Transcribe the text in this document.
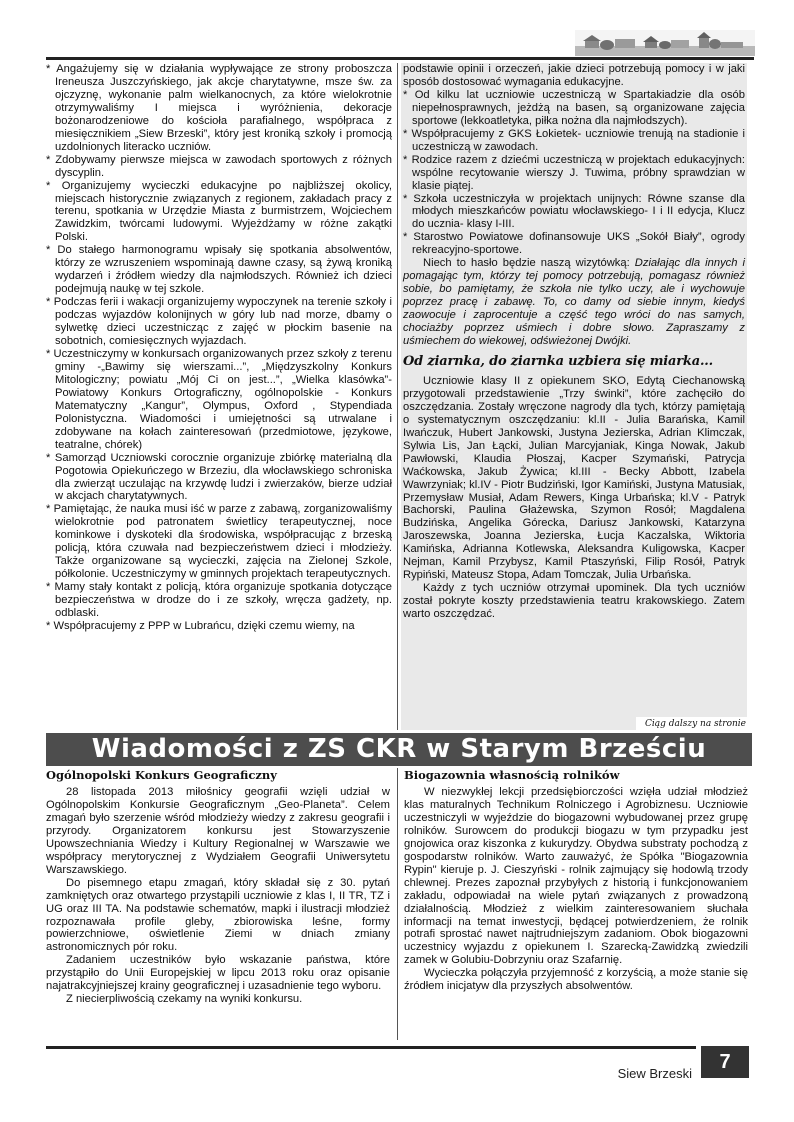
* Angażujemy się w działania wypływające ze strony proboszcza Ireneusza Juszczyńskiego, jak akcje charytatywne, msze św. za ojczyznę, wykonanie palm wielkanocnych, za które wielokrotnie otrzymywaliśmy I miejsca i wyróżnienia, dekoracje bożonarodzeniowe do kościoła parafialnego, współpraca z miesięcznikiem „Siew Brzeski”, który jest kroniką szkoły i promocją uzdolnionych literacko uczniów.

* Zdobywamy pierwsze miejsca w zawodach sportowych z różnych dyscyplin.

* Organizujemy wycieczki edukacyjne po najbliższej okolicy, miejscach historycznie związanych z regionem, zakładach pracy z terenu, spotkania w Urzędzie Miasta z burmistrzem, Wojciechem Zawidzkim, twórcami ludowymi. Wyjeżdżamy w różne zakątki Polski.

* Do stałego harmonogramu wpisały się spotkania absolwentów, którzy ze wzruszeniem wspominają dawne czasy, są żywą kroniką wydarzeń i źródłem wiedzy dla najmłodszych. Również ich dzieci podejmują naukę w tej szkole.

* Podczas ferii i wakacji organizujemy wypoczynek na terenie szkoły i podczas wyjazdów kolonijnych w góry lub nad morze, dbamy o sylwetkę dzieci uczestnicząc z zajęć w płockim basenie na sobotnich, comiesięcznych wyjazdach.

* Uczestniczymy w konkursach organizowanych przez szkoły z terenu gminy -„Bawimy się wierszami...”, „Międzyszkolny Konkurs Mitologiczny; powiatu „Mój Ci on jest...”, „Wielka klasówka”- Powiatowy Konkurs Ortograficzny, ogólnopolskie - Konkurs Matematyczny „Kangur”, Olympus, Oxford , Stypendiada Polonistyczna. Wiadomości i umiejętności są utrwalane i zdobywane na kołach zainteresowań (przedmiotowe, językowe, teatralne, chórek)

* Samorząd Uczniowski corocznie organizuje zbiórkę materialną dla Pogotowia Opiekuńczego w Brzeziu, dla włocławskiego schroniska dla zwierząt uczulając na krzywdę ludzi i zwierzaków, bierze udział w akcjach charytatywnych.

* Pamiętając, że nauka musi iść w parze z zabawą, zorganizowaliśmy wielokrotnie pod patronatem świetlicy terapeutycznej, noce kominkowe i dyskoteki dla środowiska, współpracując z brzeską policją, która czuwała nad bezpieczeństwem dzieci i młodzieży. Także organizowane są wycieczki, zajęcia na Zielonej Szkole, półkolonie. Uczestniczymy w gminnych projektach terapeutycznych.

* Mamy stały kontakt z policją, która organizuje spotkania dotyczące bezpieczeństwa w drodze do i ze szkoły, wręcza gadżety, np. odblaski.

* Współpracujemy z PPP w Lubrańcu, dzięki czemu wiemy, na

podstawie opinii i orzeczeń, jakie dzieci potrzebują pomocy i w jaki sposób dostosować wymagania edukacyjne.

* Od kilku lat uczniowie uczestniczą w Spartakiadzie dla osób niepełnosprawnych, jeżdżą na basen, są organizowane zajęcia sportowe (lekkoatletyka, piłka nożna dla najmłodszych).

* Współpracujemy z GKS Łokietek- uczniowie trenują na stadionie i uczestniczą w zawodach.

* Rodzice razem z dziećmi uczestniczą w projektach edukacyjnych: wspólne recytowanie wierszy J. Tuwima, próbny sprawdzian w klasie piątej.

* Szkoła uczestniczyła w projektach unijnych: Równe szanse dla młodych mieszkańców powiatu włocławskiego- I i II edycja, Klucz do ucznia- klasy I-III.

* Starostwo Powiatowe dofinansowuje UKS „Sokół Biały”, ogrody rekreacyjno-sportowe.

Niech to hasło będzie naszą wizytówką: Działając dla innych i pomagając tym, którzy tej pomocy potrzebują, pomagasz również sobie, bo pamiętamy, że szkoła nie tylko uczy, ale i wychowuje poprzez pracę i zabawę. To, co damy od siebie innym, kiedyś zaowocuje i zaprocentuje a część tego wróci do nas samych, chociażby poprzez uśmiech i dobre słowo. Zapraszamy z uśmiechem do wiekowej, odświeżonej Dwójki.

Od ziarnka, do ziarnka uzbiera się miarka...

Uczniowie klasy II z opiekunem SKO, Edytą Ciechanowską przygotowali przedstawienie „Trzy świnki”, które zachęciło do oszczędzania. Zostały wręczone nagrody dla tych, którzy pamiętają o systematycznym oszczędzaniu: kl.II - Julia Barańska, Kamil Iwańczuk, Hubert Jankowski, Justyna Jezierska, Adrian Klimczak, Sylwia Lis, Jan Łącki, Julian Marcyjaniak, Kinga Nowak, Jakub Pawłowski, Klaudia Płoszaj, Kacper Szymański, Patrycja Waćkowska, Jakub Żywica; kl.III - Becky Abbott, Izabela Wawrzyniak; kl.IV - Piotr Budziński, Igor Kamiński, Justyna Matusiak, Przemysław Musiał, Adam Rewers, Kinga Urbańska; kl.V - Patryk Bachorski, Paulina Głażewska, Szymon Rosół; Magdalena Budzińska, Angelika Górecka, Dariusz Jankowski, Katarzyna Jaroszewska, Joanna Jezierska, Łucja Kaczalska, Wiktoria Kamińska, Adrianna Kotlewska, Aleksandra Kuligowska, Kacper Nejman, Kamil Przybysz, Kamil Ptaszyński, Filip Rosół, Patryk Rypiński, Mateusz Stopa, Adam Tomczak, Julia Urbańska.

Każdy z tych uczniów otrzymał upominek. Dla tych uczniów został pokryte koszty przedstawienia teatru krakowskiego. Zatem warto oszczędzać.

Ciąg dalszy na stronie
Wiadomości z ZS CKR w Starym Brześciu
Ogólnopolski Konkurs Geograficzny	Biogazownia własnością rolników

28 listopada 2013 miłośnicy geografii wzięli udział w Ogólnopolskim Konkursie Geograficznym „Geo-Planeta”. Celem zmagań było szerzenie wśród młodzieży wiedzy z zakresu geografii i przyrody. Organizatorem konkursu jest Stowarzyszenie Upowszechniania Wiedzy i Kultury Regionalnej w Warszawie we współpracy merytorycznej z Wydziałem Geografii Uniwersytetu Warszawskiego.

Do pisemnego etapu zmagań, który składał się z 30. pytań zamkniętych oraz otwartego przystąpili uczniowie z klas I, II TR, TZ i UG oraz III TA. Na podstawie schematów, mapki i ilustracji młodzież rozpoznawała profile gleby, zbiorowiska leśne, formy powierzchniowe, oświetlenie Ziemi w dniach zmiany astronomicznych pór roku.

Zadaniem uczestników było wskazanie państwa, które przystąpiło do Unii Europejskiej w lipcu 2013 roku oraz opisanie najatrakcyjniejszej krainy geograficznej i uzasadnienie tego wyboru.

Z niecierpliwością czekamy na wyniki konkursu.

W niezwykłej lekcji przedsiębiorczości wzięła udział młodzież klas maturalnych Technikum Rolniczego i Agrobiznesu. Uczniowie uczestniczyli w wyjeździe do biogazowni wybudowanej przez grupę rolników. Surowcem do produkcji biogazu w tym przypadku jest gnojowica oraz kiszonka z kukurydzy. Obydwa substraty pochodzą z gospodarstw rolników. Warto zauważyć, że Spółka "Biogazownia Rypin" kieruje p. J. Cieszyński - rolnik zajmujący się hodowlą trzody chlewnej. Prezes zapoznał przybyłych z historią i funkcjonowaniem zakładu, odpowiadał na wiele pytań związanych z prowadzoną działalnością. Młodzież z wielkim zainteresowaniem słuchała informacji na temat inwestycji, będącej potwierdzeniem, że rolnik potrafi sprostać nawet najtrudniejszym zadaniom. Obok biogazowni uczestnicy wyjazdu z opiekunem I. Szarecką-Zawidzką zwiedzili zamek w Golubiu-Dobrzyniu oraz Szafarnię.

Wycieczka połączyła przyjemność z korzyścią, a może stanie się źródłem inicjatyw dla przyszłych absolwentów.

Siew Brzeski
7
